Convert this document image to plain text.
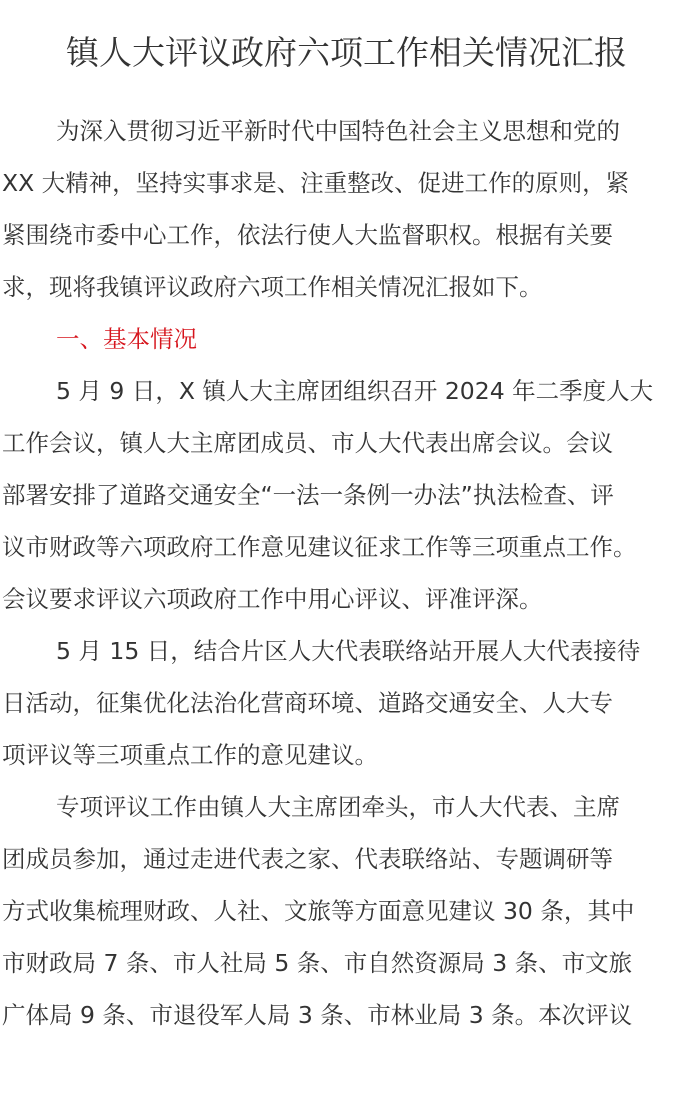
镇人大评议政府六项工作相关情况汇报

为深入贯彻习近平新时代中国特色社会主义思想和党的
XX 大精神，坚持实事求是、注重整改、促进工作的原则，紧
紧围绕市委中心工作，依法行使人大监督职权。根据有关要
求，现将我镇评议政府六项工作相关情况汇报如下。

一、基本情况

5 月 9 日，X 镇人大主席团组织召开 2024 年二季度人大
工作会议，镇人大主席团成员、市人大代表出席会议。会议
部署安排了道路交通安全“一法一条例一办法”执法检查、评
议市财政等六项政府工作意见建议征求工作等三项重点工作。
会议要求评议六项政府工作中用心评议、评准评深。

5 月 15 日，结合片区人大代表联络站开展人大代表接待
日活动，征集优化法治化营商环境、道路交通安全、人大专
项评议等三项重点工作的意见建议。

专项评议工作由镇人大主席团牵头，市人大代表、主席
团成员参加，通过走进代表之家、代表联络站、专题调研等
方式收集梳理财政、人社、文旅等方面意见建议 30 条，其中
市财政局 7 条、市人社局 5 条、市自然资源局 3 条、市文旅
广体局 9 条、市退役军人局 3 条、市林业局 3 条。本次评议
